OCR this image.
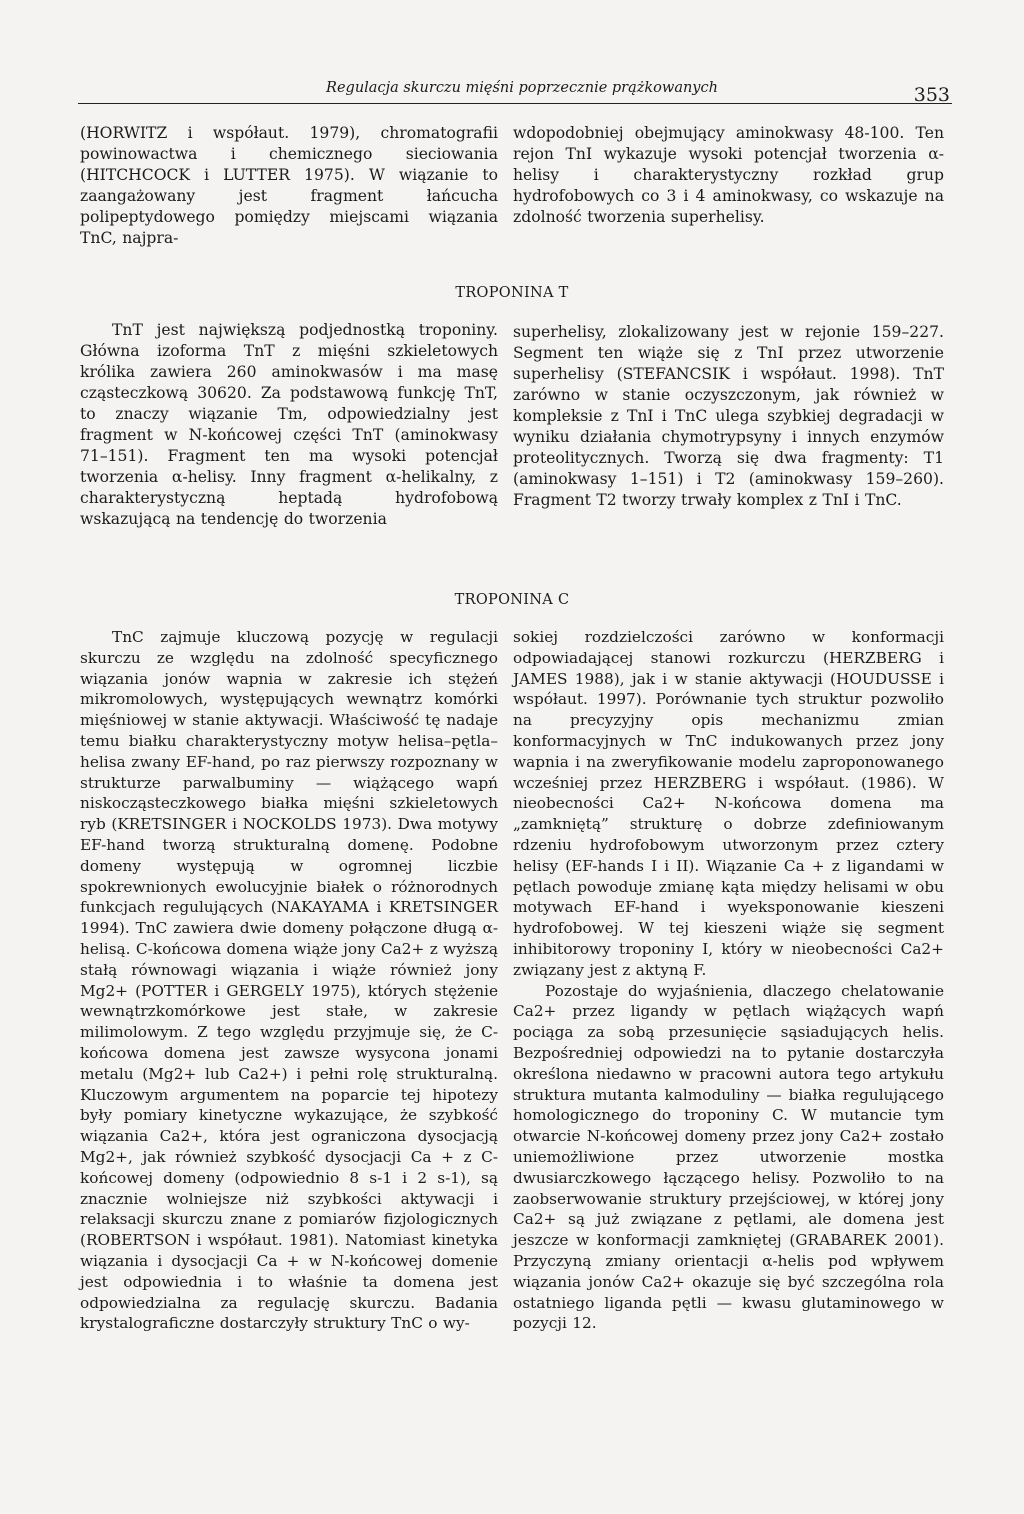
Regulacja skurczu mięśni poprzecznie prążkowanych	353

(HORWITZ i współaut. 1979), chromatografii powinowactwa i chemicznego sieciowania (HITCHCOCK i LUTTER 1975). W wiązanie to zaangażowany jest fragment łańcucha polipeptydowego pomiędzy miejscami wiązania TnC, najpra-

wdopodobniej obejmujący aminokwasy 48-100. Ten rejon TnI wykazuje wysoki potencjał tworzenia α-helisy i charakterystyczny rozkład grup hydrofobowych co 3 i 4 aminokwasy, co wskazuje na zdolność tworzenia superhelisy.

TROPONINA T

TnT jest największą podjednostką troponiny. Główna izoforma TnT z mięśni szkieletowych królika zawiera 260 aminokwasów i ma masę cząsteczkową 30620. Za podstawową funkcję TnT, to znaczy wiązanie Tm, odpowiedzialny jest fragment w N-końcowej części TnT (aminokwasy 71–151). Fragment ten ma wysoki potencjał tworzenia α-helisy. Inny fragment α-helikalny, z charakterystyczną heptadą hydrofobową wskazującą na tendencję do tworzenia

superhelisy, zlokalizowany jest w rejonie 159–227. Segment ten wiąże się z TnI przez utworzenie superhelisy (STEFANCSIK i współaut. 1998). TnT zarówno w stanie oczyszczonym, jak również w kompleksie z TnI i TnC ulega szybkiej degradacji w wyniku działania chymotrypsyny i innych enzymów proteolitycznych. Tworzą się dwa fragmenty: T1 (aminokwasy 1–151) i T2 (aminokwasy 159–260). Fragment T2 tworzy trwały komplex z TnI i TnC.

TROPONINA C

TnC zajmuje kluczową pozycję w regulacji skurczu ze względu na zdolność specyficznego wiązania jonów wapnia w zakresie ich stężeń mikromolowych, występujących wewnątrz komórki mięśniowej w stanie aktywacji. Właściwość tę nadaje temu białku charakterystyczny motyw helisa–pętla–helisa zwany EF-hand, po raz pierwszy rozpoznany w strukturze parwalbuminy — wiążącego wapń niskocząsteczkowego białka mięśni szkieletowych ryb (KRETSINGER i NOCKOLDS 1973). Dwa motywy EF-hand tworzą strukturalną domenę. Podobne domeny występują w ogromnej liczbie spokrewnionych ewolucyjnie białek o różnorodnych funkcjach regulujących (NAKAYAMA i KRETSINGER 1994). TnC zawiera dwie domeny połączone długą α-helisą. C-końcowa domena wiąże jony Ca2+ z wyższą stałą równowagi wiązania i wiąże również jony Mg2+ (POTTER i GERGELY 1975), których stężenie wewnątrzkomórkowe jest stałe, w zakresie milimolowym. Z tego względu przyjmuje się, że C-końcowa domena jest zawsze wysycona jonami metalu (Mg2+ lub Ca2+) i pełni rolę strukturalną. Kluczowym argumentem na poparcie tej hipotezy były pomiary kinetyczne wykazujące, że szybkość wiązania Ca2+, która jest ograniczona dysocjacją Mg2+, jak również szybkość dysocjacji Ca + z C-końcowej domeny (odpowiednio 8 s-1 i 2 s-1), są znacznie wolniejsze niż szybkości aktywacji i relaksacji skurczu znane z pomiarów fizjologicznych (ROBERTSON i współaut. 1981). Natomiast kinetyka wiązania i dysocjacji Ca + w N-końcowej domenie jest odpowiednia i to właśnie ta domena jest odpowiedzialna za regulację skurczu. Badania krystalograficzne dostarczyły struktury TnC o wy-

sokiej rozdzielczości zarówno w konformacji odpowiadającej stanowi rozkurczu (HERZBERG i JAMES 1988), jak i w stanie aktywacji (HOUDUSSE i współaut. 1997). Porównanie tych struktur pozwoliło na precyzyjny opis mechanizmu zmian konformacyjnych w TnC indukowanych przez jony wapnia i na zweryfikowanie modelu zaproponowanego wcześniej przez HERZBERG i współaut. (1986). W nieobecności Ca2+ N-końcowa domena ma „zamkniętą” strukturę o dobrze zdefiniowanym rdzeniu hydrofobowym utworzonym przez cztery helisy (EF-hands I i II). Wiązanie Ca + z ligandami w pętlach powoduje zmianę kąta między helisami w obu motywach EF-hand i wyeksponowanie kieszeni hydrofobowej. W tej kieszeni wiąże się segment inhibitorowy troponiny I, który w nieobecności Ca2+ związany jest z aktyną F.

Pozostaje do wyjaśnienia, dlaczego chelatowanie Ca2+ przez ligandy w pętlach wiążących wapń pociąga za sobą przesunięcie sąsiadujących helis. Bezpośredniej odpowiedzi na to pytanie dostarczyła określona niedawno w pracowni autora tego artykułu struktura mutanta kalmoduliny — białka regulującego homologicznego do troponiny C. W mutancie tym otwarcie N-końcowej domeny przez jony Ca2+ zostało uniemożliwione przez utworzenie mostka dwusiarczkowego łączącego helisy. Pozwoliło to na zaobserwowanie struktury przejściowej, w której jony Ca2+ są już związane z pętlami, ale domena jest jeszcze w konformacji zamkniętej (GRABAREK 2001). Przyczyną zmiany orientacji α-helis pod wpływem wiązania jonów Ca2+ okazuje się być szczególna rola ostatniego liganda pętli — kwasu glutaminowego w pozycji 12.
